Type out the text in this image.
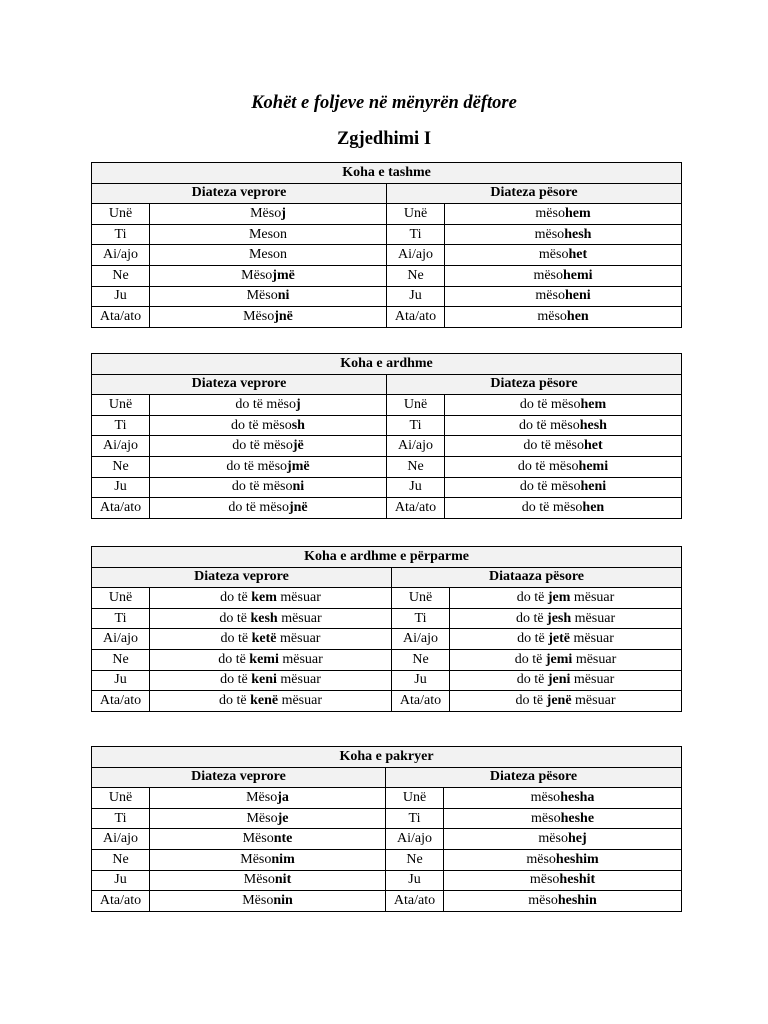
Kohët e foljeve në mënyrën dëftore
Zgjedhimi I
Koha e tashme			
Diateza veprore		Diateza pësore	
Unë	Mësoj	Unë	mësohem
Ti	Meson	Ti	mësohesh
Ai/ajo	Meson	Ai/ajo	mësohet
Ne	Mësojmë	Ne	mësohemi
Ju	Mësoni	Ju	mësoheni
Ata/ato	Mësojnë	Ata/ato	mësohen
Koha e ardhme			
Diateza veprore		Diateza pësore	
Unë	do të mësoj	Unë	do të mësohem
Ti	do të mësosh	Ti	do të mësohesh
Ai/ajo	do të mësojë	Ai/ajo	do të mësohet
Ne	do të mësojmë	Ne	do të mësohemi
Ju	do të mësoni	Ju	do të mësoheni
Ata/ato	do të mësojnë	Ata/ato	do të mësohen
Koha e ardhme e përparme			
Diateza veprore		Diataaza pësore	
Unë	do të kem mësuar	Unë	do të jem mësuar
Ti	do të kesh mësuar	Ti	do të jesh mësuar
Ai/ajo	do të ketë mësuar	Ai/ajo	do të jetë mësuar
Ne	do të kemi mësuar	Ne	do të jemi mësuar
Ju	do të keni mësuar	Ju	do të jeni mësuar
Ata/ato	do të kenë mësuar	Ata/ato	do të jenë mësuar
Koha e pakryer			
Diateza veprore		Diateza pësore	
Unë	Mësoja	Unë	mësohesha
Ti	Mësoje	Ti	mësoheshe
Ai/ajo	Mësonte	Ai/ajo	mësohej
Ne	Mësonim	Ne	mësoheshim
Ju	Mësonit	Ju	mësoheshit
Ata/ato	Mësonin	Ata/ato	mësoheshin
